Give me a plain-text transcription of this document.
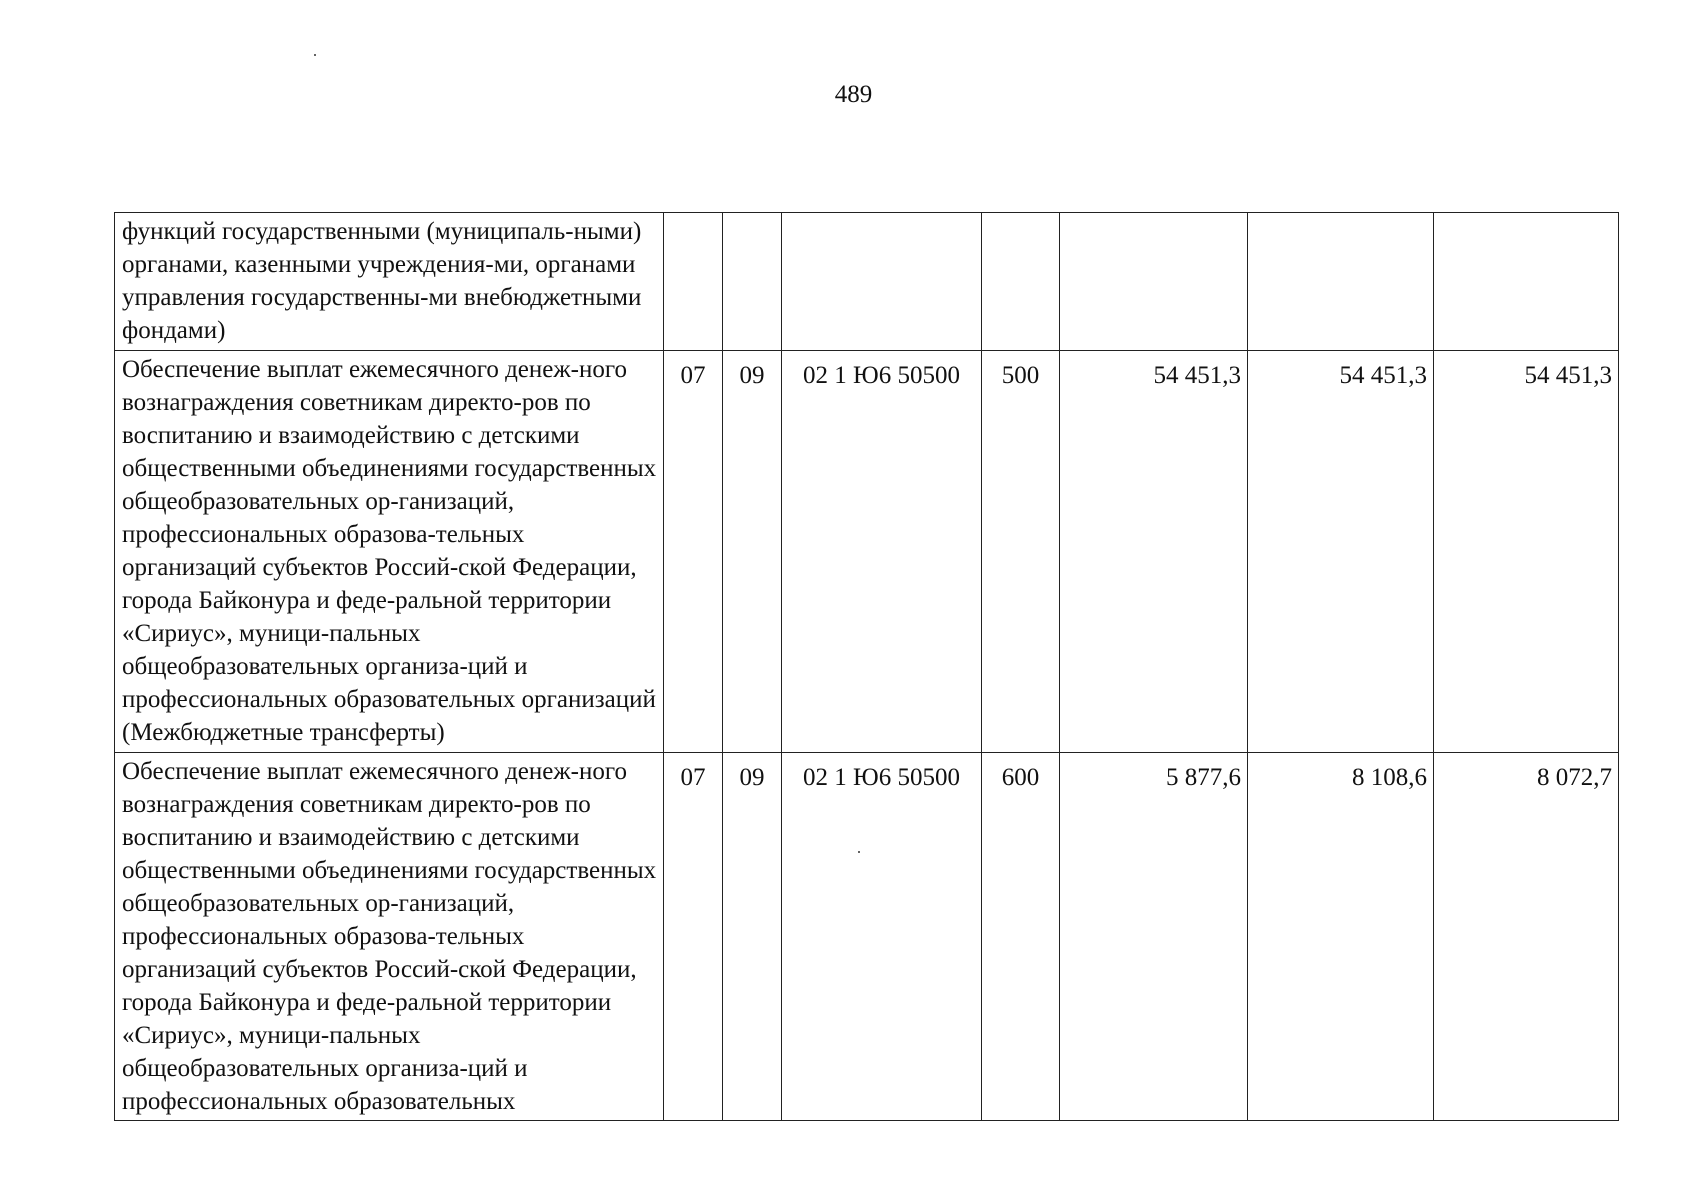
489
функций государственными (муниципаль-ными) органами, казенными учреждения-ми, органами управления государственны-ми внебюджетными фондами)							
Обеспечение выплат ежемесячного денеж-ного вознаграждения советникам директо-ров по воспитанию и взаимодействию с детскими общественными объединениями государственных общеобразовательных ор-ганизаций, профессиональных образова-тельных организаций субъектов Россий-ской Федерации, города Байконура и феде-ральной территории «Сириус», муници-пальных общеобразовательных организа-ций и профессиональных образовательных организаций (Межбюджетные трансферты)	07	09	02 1 Ю6 50500	500	54 451,3	54 451,3	54 451,3
Обеспечение выплат ежемесячного денеж-ного вознаграждения советникам директо-ров по воспитанию и взаимодействию с детскими общественными объединениями государственных общеобразовательных ор-ганизаций, профессиональных образова-тельных организаций субъектов Россий-ской Федерации, города Байконура и феде-ральной территории «Сириус», муници-пальных общеобразовательных организа-ций и профессиональных образовательных	07	09	02 1 Ю6 50500	600	5 877,6	8 108,6	8 072,7
